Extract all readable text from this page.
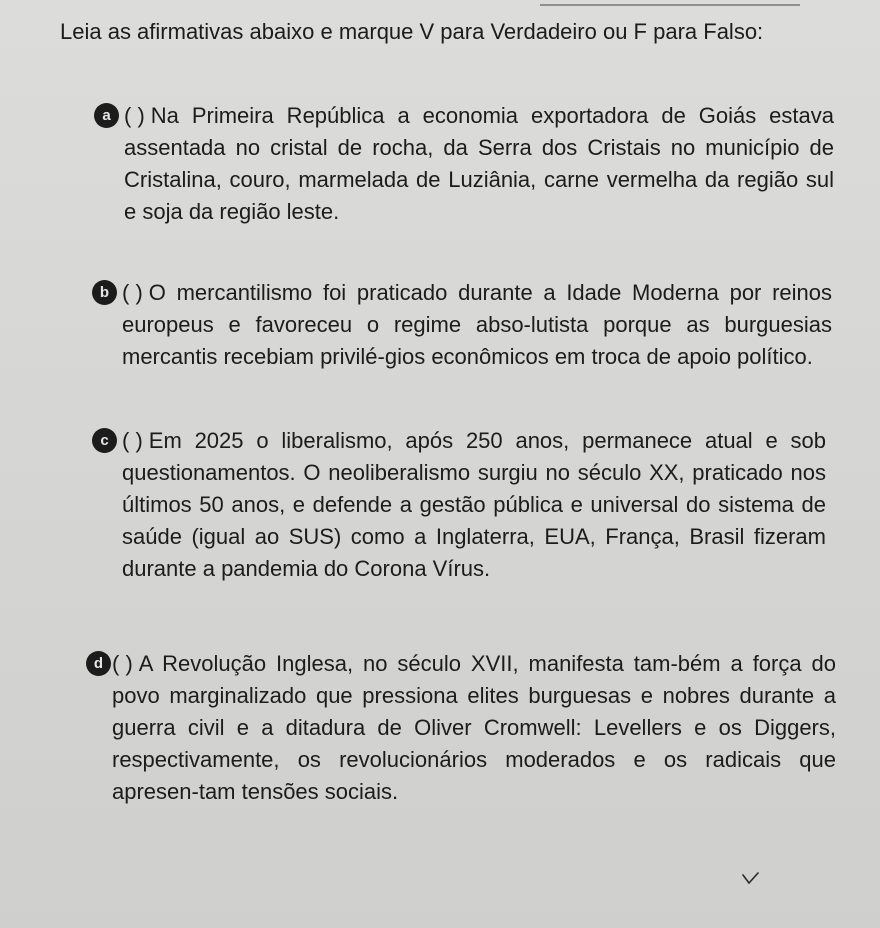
Leia as afirmativas abaixo e marque V para Verdadeiro ou F para Falso:
a ( ) Na Primeira República a economia exportadora de Goiás estava assentada no cristal de rocha, da Serra dos Cristais no município de Cristalina, couro, marmelada de Luziânia, carne vermelha da região sul e soja da região leste.
b ( ) O mercantilismo foi praticado durante a Idade Moderna por reinos europeus e favoreceu o regime abso-lutista porque as burguesias mercantis recebiam privilé-gios econômicos em troca de apoio político.
c ( ) Em 2025 o liberalismo, após 250 anos, permanece atual e sob questionamentos. O neoliberalismo surgiu no século XX, praticado nos últimos 50 anos, e defende a gestão pública e universal do sistema de saúde (igual ao SUS) como a Inglaterra, EUA, França, Brasil fizeram durante a pandemia do Corona Vírus.
d ( ) A Revolução Inglesa, no século XVII, manifesta tam-bém a força do povo marginalizado que pressiona elites burguesas e nobres durante a guerra civil e a ditadura de Oliver Cromwell: Levellers e os Diggers, respectivamente, os revolucionários moderados e os radicais que apresen-tam tensões sociais.
